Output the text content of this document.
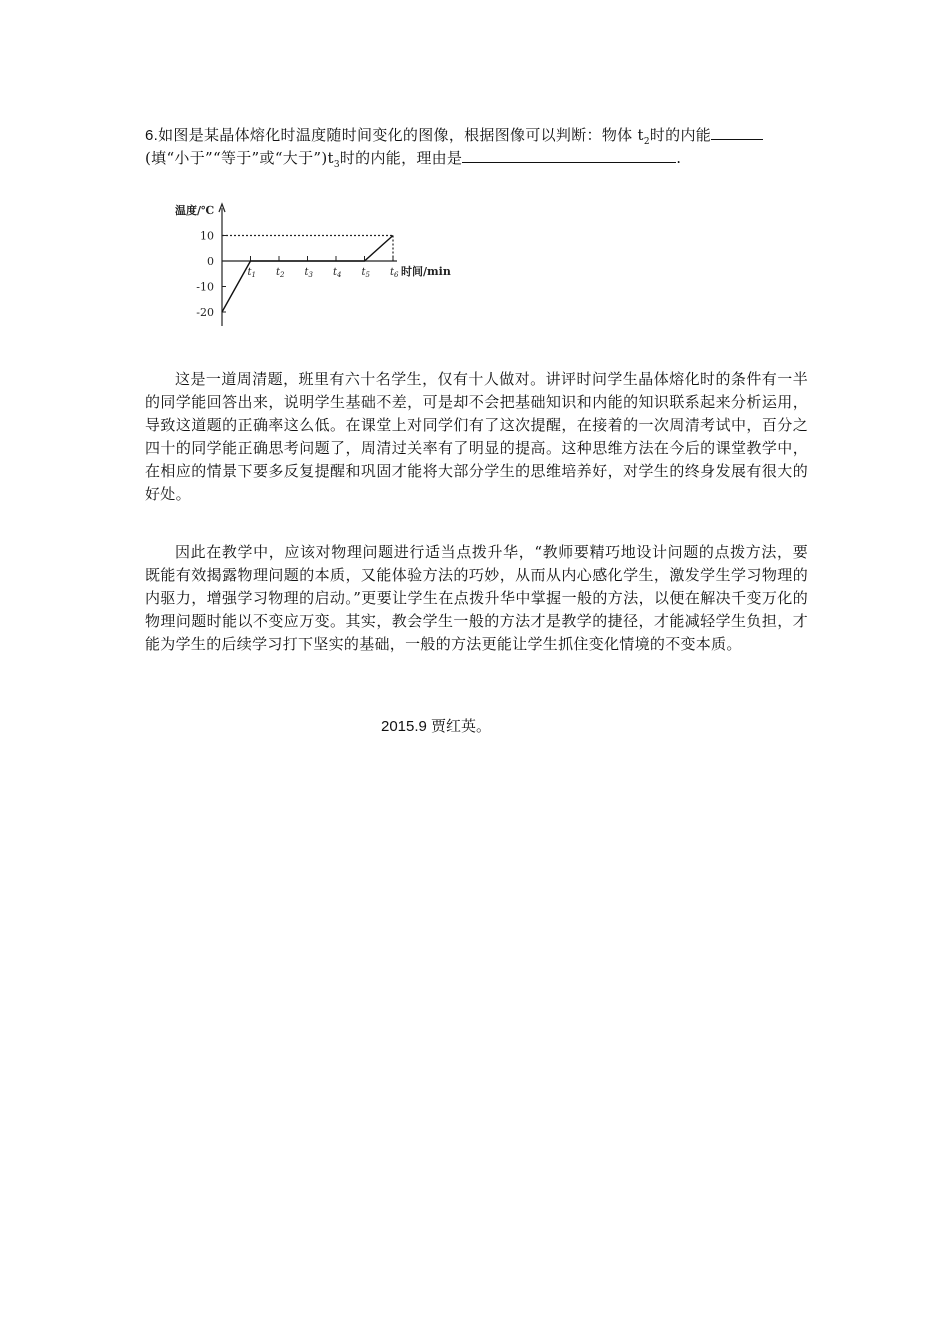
6.如图是某晶体熔化时温度随时间变化的图像，根据图像可以判断：物体 $t_2$时的内能
(填“小于”“等于”或“大于$”)t_3$时的内能，理由是	.
温度/℃
10
0
-10
-20
$t_1$ $t_2$ $t_3$ $t_4$ $t_5$ $t_6$ 时间/min
这是一道周清题，班里有六十名学生，仅有十人做对。讲评时问学生晶体熔化时的条件有一半的同学能回答出来，说明学生基础不差，可是却不会把基础知识和内能的知识联系起来分析运用，导致这道题的正确率这么低。在课堂上对同学们有了这次提醒，在接着的一次周清考试中，百分之四十的同学能正确思考问题了，周清过关率有了明显的提高。这种思维方法在今后的课堂教学中，在相应的情景下要多反复提醒和巩固才能将大部分学生的思维培养好，对学生的终身发展有很大的好处。
因此在教学中，应该对物理问题进行适当点拨升华，“教师要精巧地设计问题的点拨方法，要既能有效揭露物理问题的本质，又能体验方法的巧妙，从而从内心感化学生，激发学生学习物理的内驱力，增强学习物理的启动。”更要让学生在点拨升华中掌握一般的方法，以便在解决千变万化的物理问题时能以不变应万变。其实，教会学生一般的方法才是教学的捷径，才能减轻学生负担，才能为学生的后续学习打下坚实的基础，一般的方法更能让学生抓住变化情境的不变本质。
2015.9 贾红英。
